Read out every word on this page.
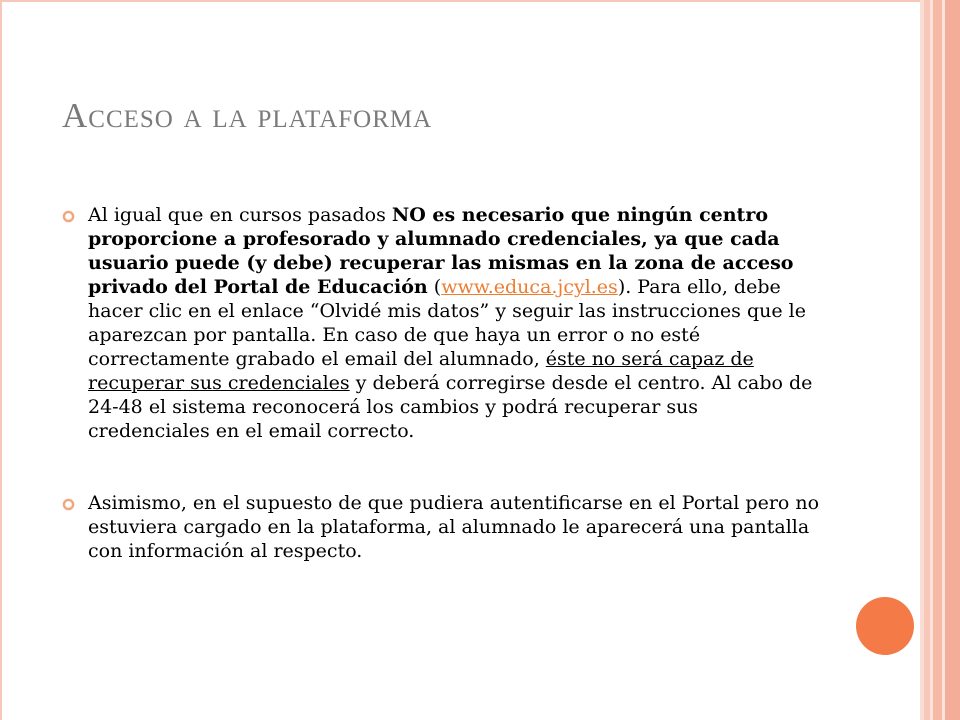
Acceso a la plataforma

Al igual que en cursos pasados NO es necesario que ningún centro proporcione a profesorado y alumnado credenciales, ya que cada usuario puede (y debe) recuperar las mismas en la zona de acceso privado del Portal de Educación (www.educa.jcyl.es). Para ello, debe hacer clic en el enlace “Olvidé mis datos” y seguir las instrucciones que le aparezcan por pantalla. En caso de que haya un error o no esté correctamente grabado el email del alumnado, éste no será capaz de recuperar sus credenciales y deberá corregirse desde el centro. Al cabo de 24-48 el sistema reconocerá los cambios y podrá recuperar sus credenciales en el email correcto.

Asimismo, en el supuesto de que pudiera autentificarse en el Portal pero no estuviera cargado en la plataforma, al alumnado le aparecerá una pantalla con información al respecto.
